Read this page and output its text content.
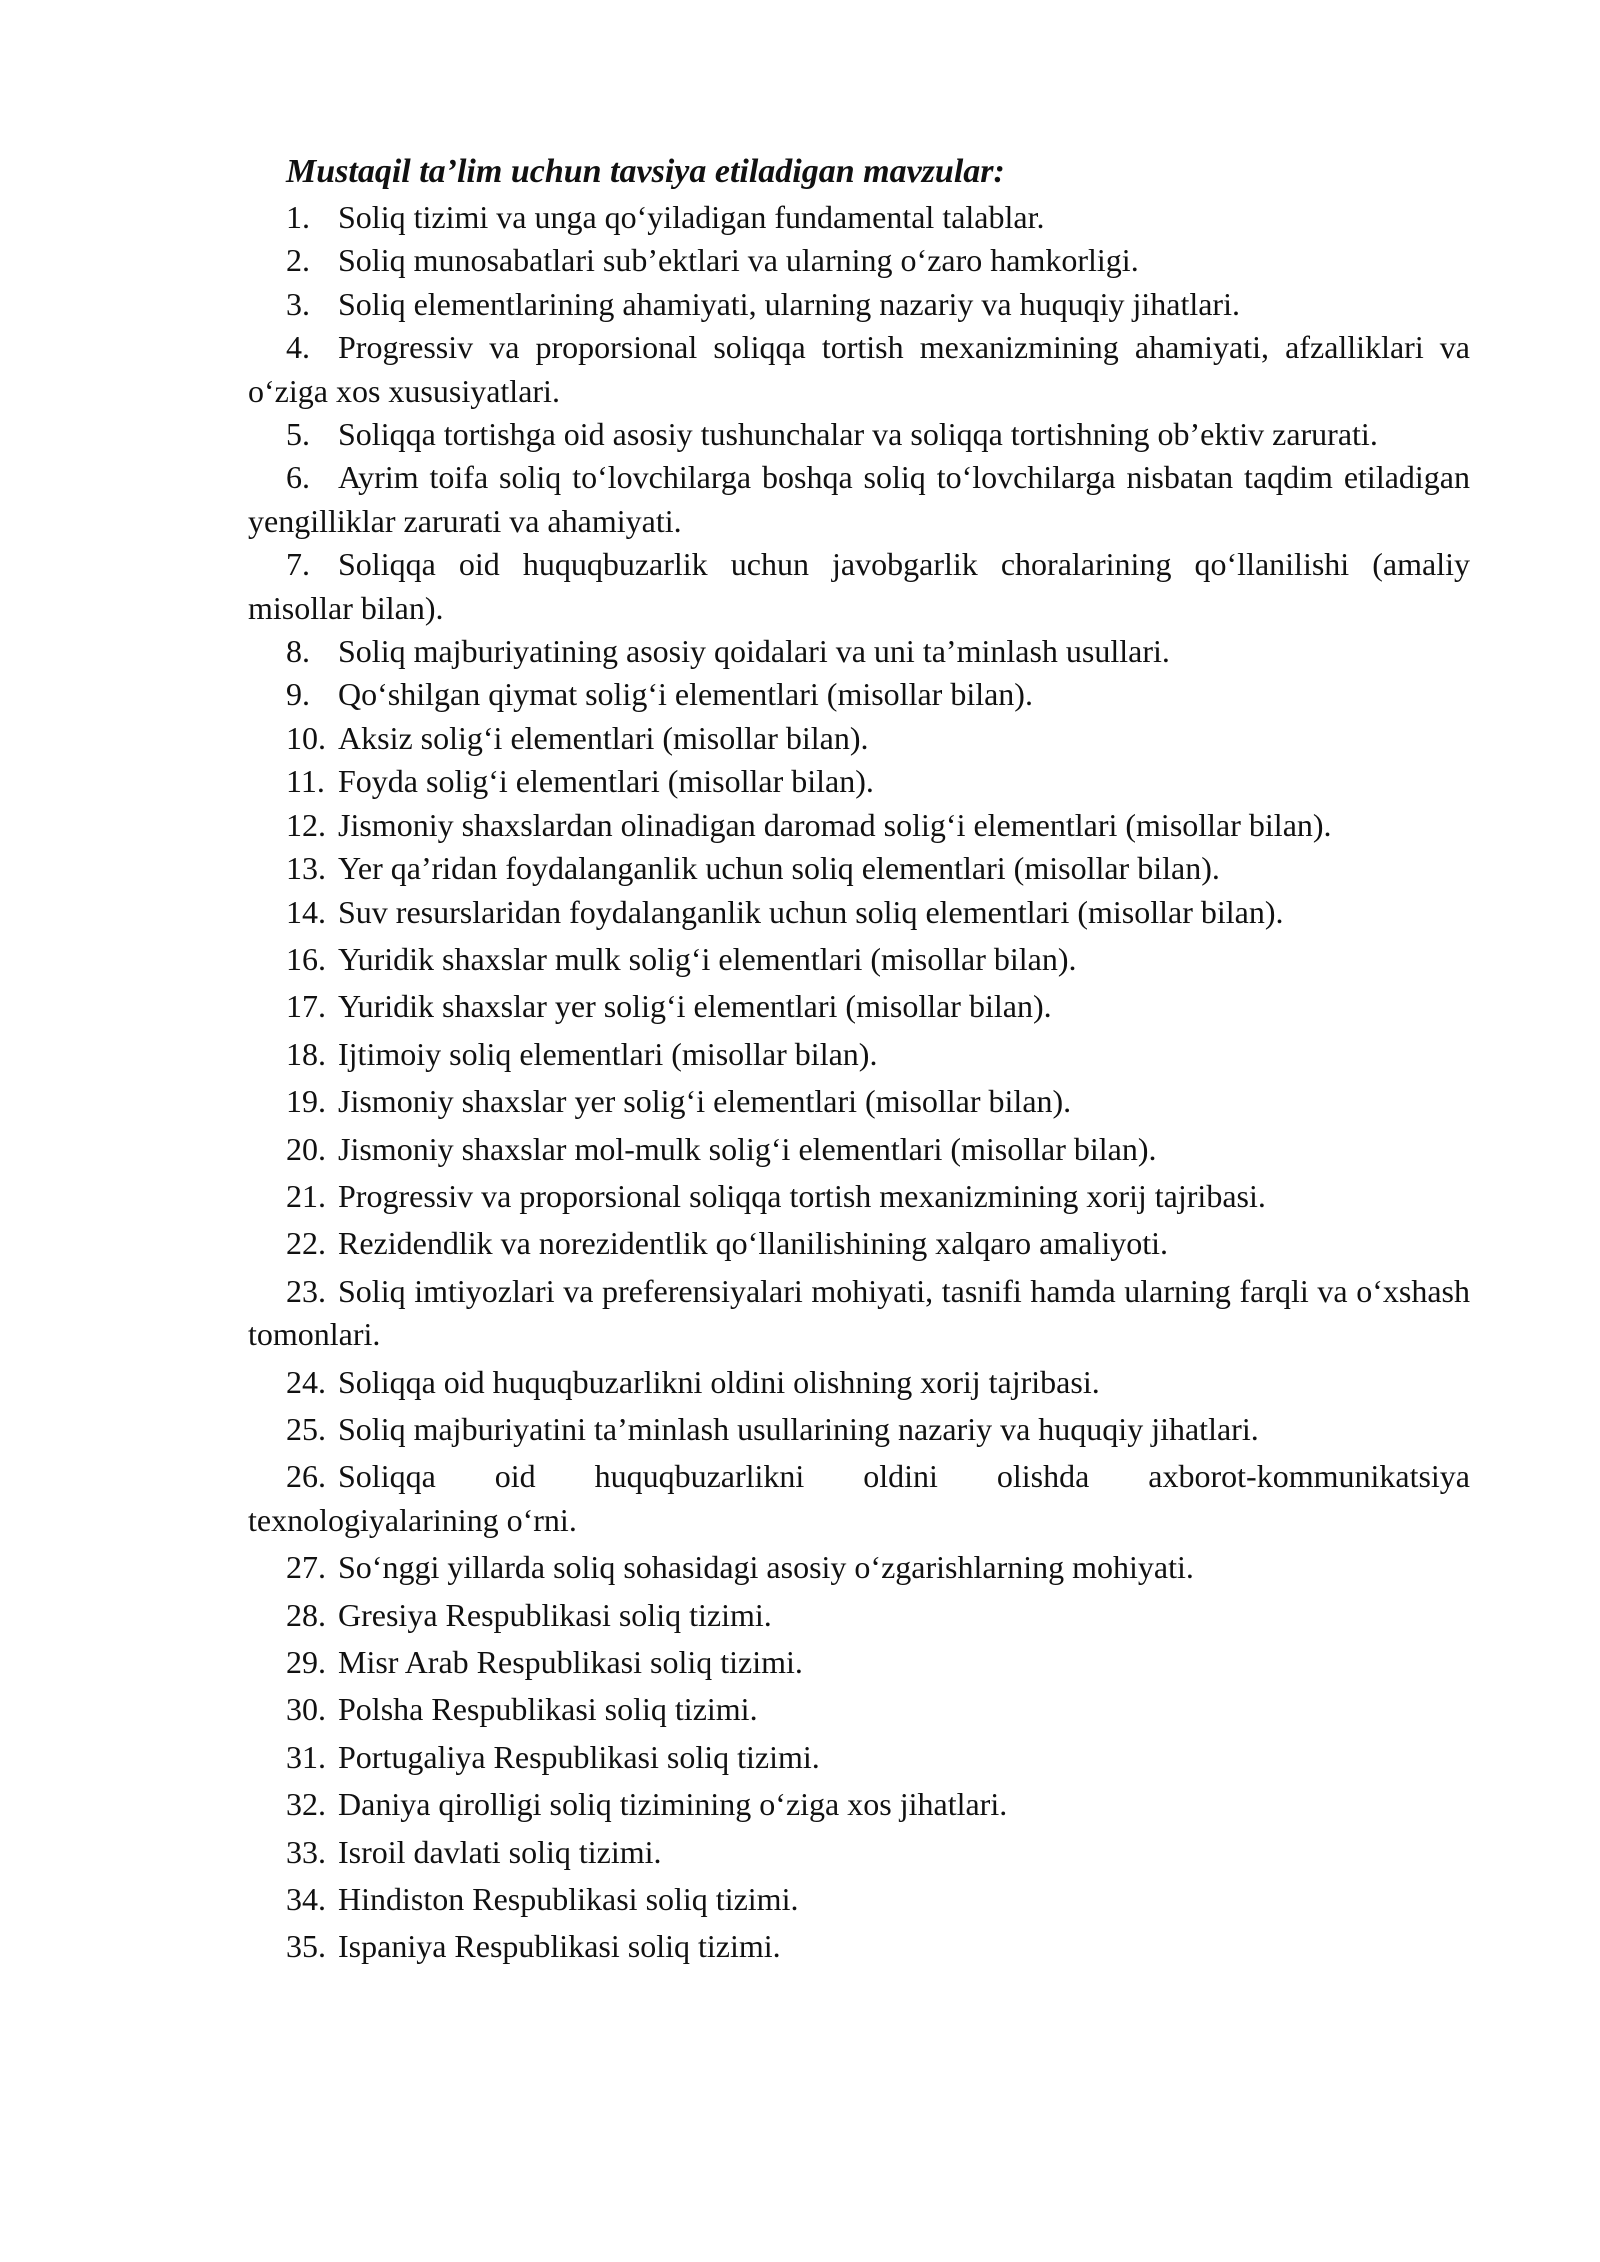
Mustaqil ta’lim uchun tavsiya etiladigan mavzular:
1. Soliq tizimi va unga qo‘yiladigan fundamental talablar.
2. Soliq munosabatlari sub’ektlari va ularning o‘zaro hamkorligi.
3. Soliq elementlarining ahamiyati, ularning nazariy va huquqiy jihatlari.
4. Progressiv va proporsional soliqqa tortish mexanizmining ahamiyati, afzalliklari va o‘ziga xos xususiyatlari.
5. Soliqqa tortishga oid asosiy tushunchalar va soliqqa tortishning ob’ektiv zarurati.
6. Ayrim toifa soliq to‘lovchilarga boshqa soliq to‘lovchilarga nisbatan taqdim etiladigan yengilliklar zarurati va ahamiyati.
7. Soliqqa oid huquqbuzarlik uchun javobgarlik choralarining qo‘llanilishi (amaliy misollar bilan).
8. Soliq majburiyatining asosiy qoidalari va uni ta’minlash usullari.
9. Qo‘shilgan qiymat solig‘i elementlari (misollar bilan).
10. Aksiz solig‘i elementlari (misollar bilan).
11. Foyda solig‘i elementlari (misollar bilan).
12. Jismoniy shaxslardan olinadigan daromad solig‘i elementlari (misollar bilan).
13. Yer qa’ridan foydalanganlik uchun soliq elementlari (misollar bilan).
14. Suv resurslaridan foydalanganlik uchun soliq elementlari (misollar bilan).
16. Yuridik shaxslar mulk solig‘i elementlari (misollar bilan).
17. Yuridik shaxslar yer solig‘i elementlari (misollar bilan).
18. Ijtimoiy soliq elementlari (misollar bilan).
19. Jismoniy shaxslar yer solig‘i elementlari (misollar bilan).
20. Jismoniy shaxslar mol-mulk solig‘i elementlari (misollar bilan).
21. Progressiv va proporsional soliqqa tortish mexanizmining xorij tajribasi.
22. Rezidendlik va norezidentlik qo‘llanilishining xalqaro amaliyoti.
23. Soliq imtiyozlari va preferensiyalari mohiyati, tasnifi hamda ularning farqli va o‘xshash tomonlari.
24. Soliqqa oid huquqbuzarlikni oldini olishning xorij tajribasi.
25. Soliq majburiyatini ta’minlash usullarining nazariy va huquqiy jihatlari.
26. Soliqqa oid huquqbuzarlikni oldini olishda axborot-kommunikatsiya texnologiyalarining o‘rni.
27. So‘nggi yillarda soliq sohasidagi asosiy o‘zgarishlarning mohiyati.
28. Gresiya Respublikasi soliq tizimi.
29. Misr Arab Respublikasi soliq tizimi.
30. Polsha Respublikasi soliq tizimi.
31. Portugaliya Respublikasi soliq tizimi.
32. Daniya qirolligi soliq tizimining o‘ziga xos jihatlari.
33. Isroil davlati soliq tizimi.
34. Hindiston Respublikasi soliq tizimi.
35. Ispaniya Respublikasi soliq tizimi.
